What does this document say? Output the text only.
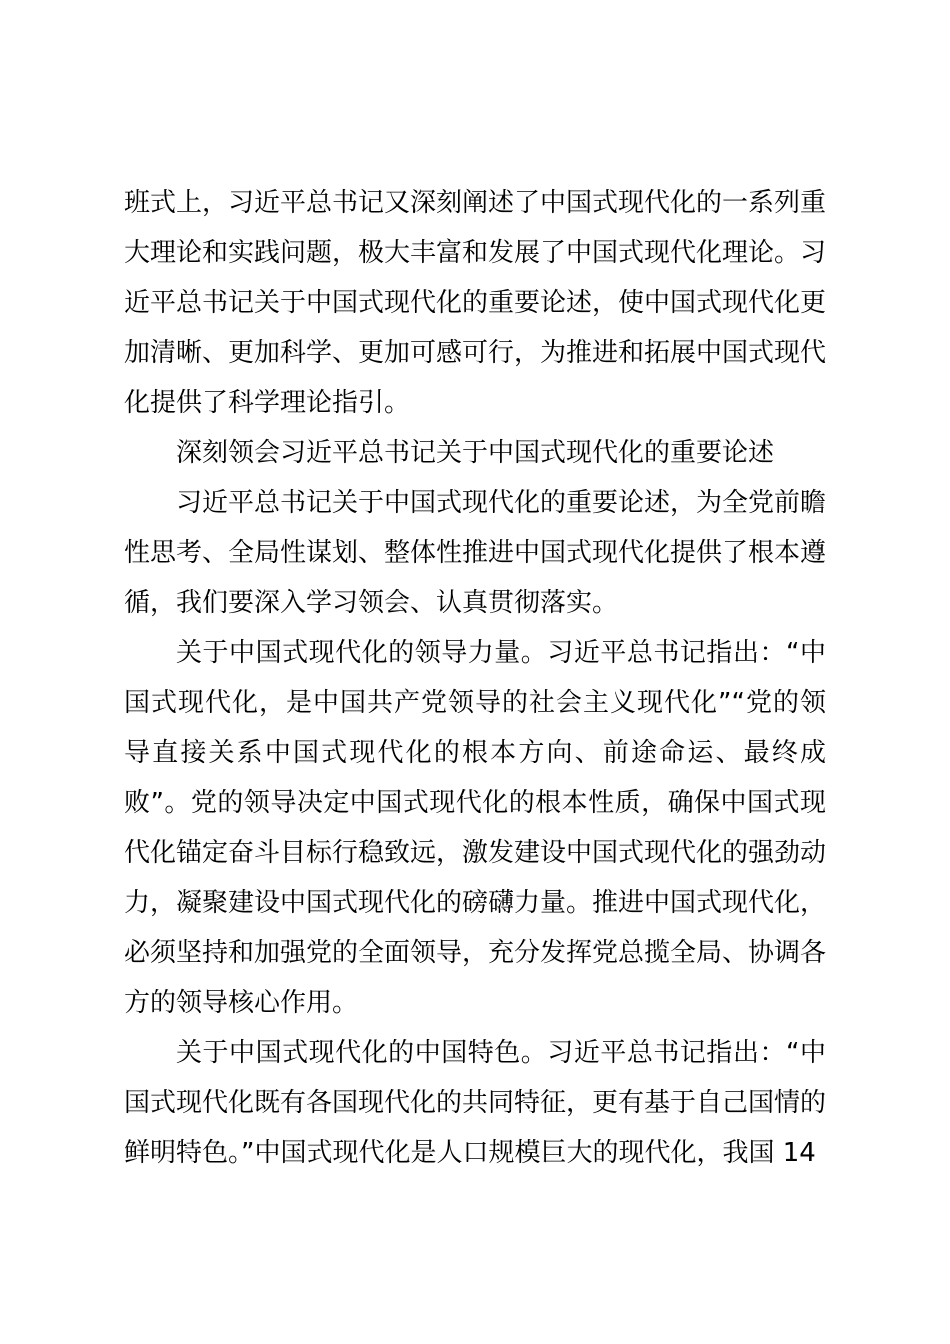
班式上，习近平总书记又深刻阐述了中国式现代化的一系列重大理论和实践问题，极大丰富和发展了中国式现代化理论。习近平总书记关于中国式现代化的重要论述，使中国式现代化更加清晰、更加科学、更加可感可行，为推进和拓展中国式现代化提供了科学理论指引。

深刻领会习近平总书记关于中国式现代化的重要论述

习近平总书记关于中国式现代化的重要论述，为全党前瞻性思考、全局性谋划、整体性推进中国式现代化提供了根本遵循，我们要深入学习领会、认真贯彻落实。

关于中国式现代化的领导力量。习近平总书记指出：“中国式现代化，是中国共产党领导的社会主义现代化”“党的领导直接关系中国式现代化的根本方向、前途命运、最终成败”。党的领导决定中国式现代化的根本性质，确保中国式现代化锚定奋斗目标行稳致远，激发建设中国式现代化的强劲动力，凝聚建设中国式现代化的磅礴力量。推进中国式现代化，必须坚持和加强党的全面领导，充分发挥党总揽全局、协调各方的领导核心作用。

关于中国式现代化的中国特色。习近平总书记指出：“中国式现代化既有各国现代化的共同特征，更有基于自己国情的鲜明特色。”中国式现代化是人口规模巨大的现代化，我国 14
